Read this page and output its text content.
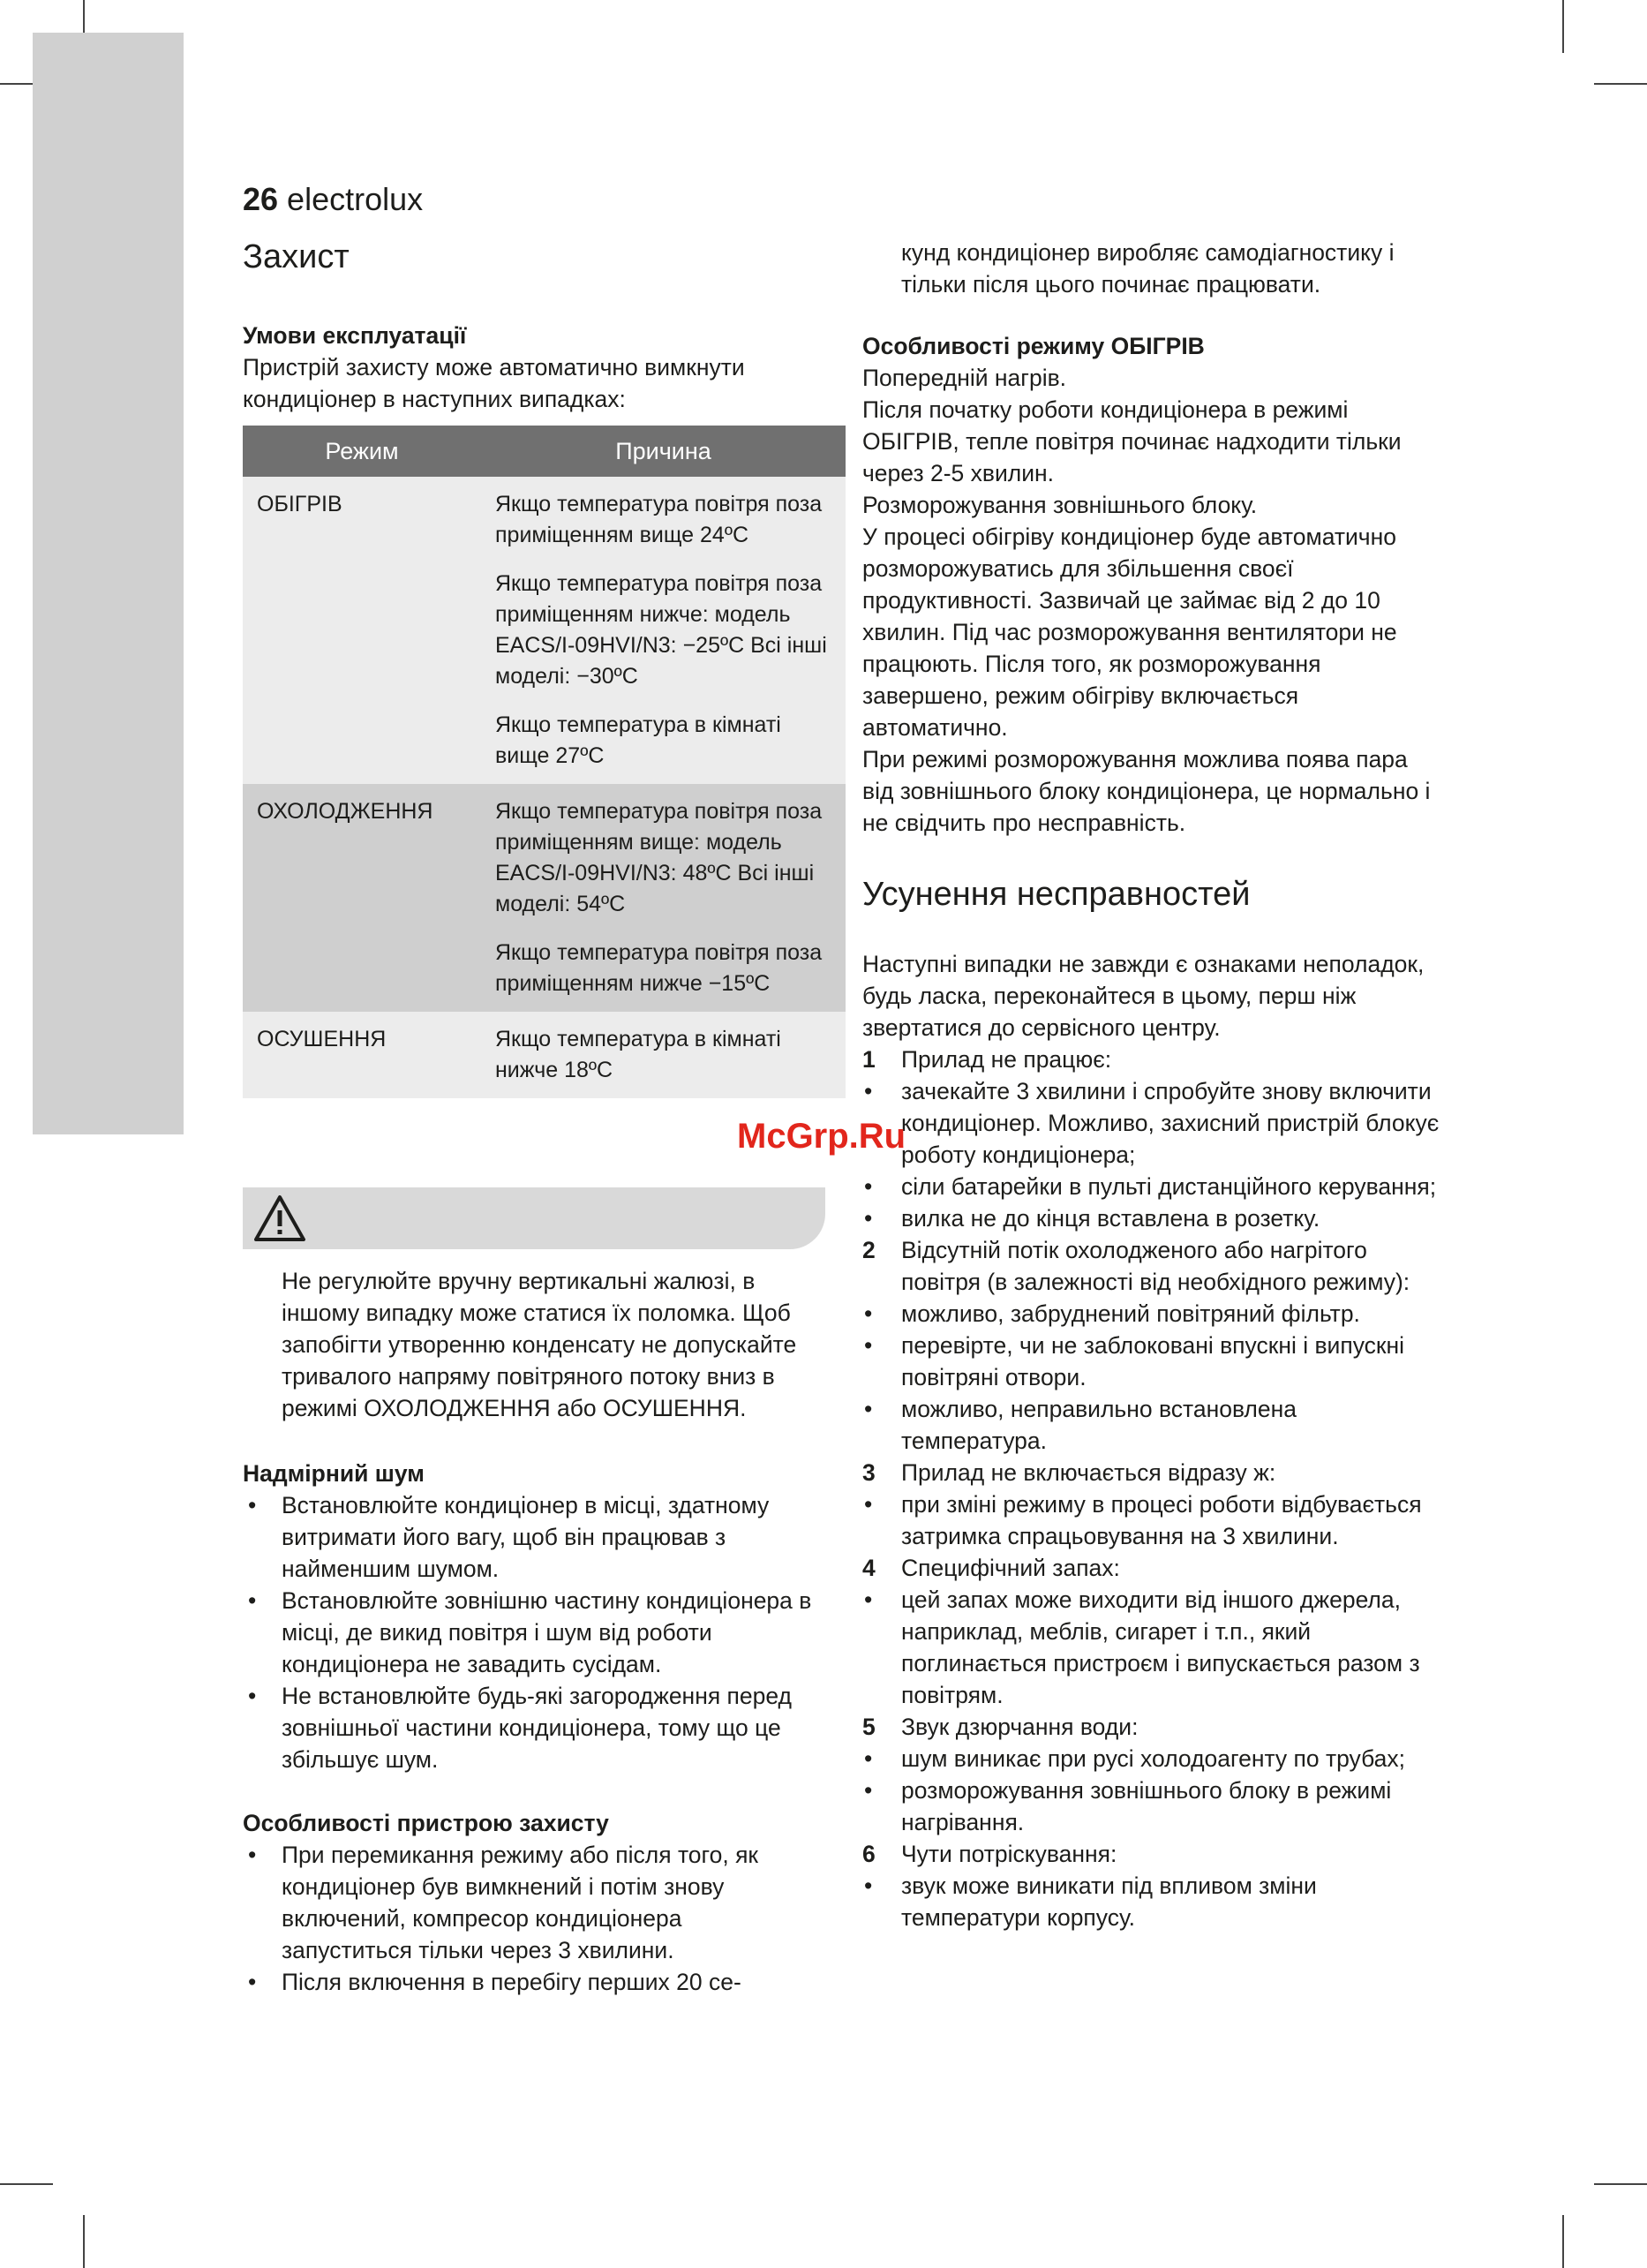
26 electrolux
Захист

Умови експлуатації

Пристрій захисту може автоматично вимкнути кондиціонер в наступних випадках:

Режим	Причина
ОБІГРІВ	Якщо температура повітря поза приміщенням вище 24ºC
Якщо температура повітря поза приміщенням нижче: модель EACS/I-09HVI/N3: −25ºC Всі інші моделі: −30ºC
Якщо температура в кімнаті вище 27ºC

ОХОЛОДЖЕННЯ	Якщо температура повітря поза приміщенням вище: модель EACS/I-09HVI/N3: 48ºC Всі інші моделі: 54ºC
Якщо температура повітря поза приміщенням нижче −15ºC

ОСУШЕННЯ	Якщо температура в кімнаті нижче 18ºC

Не регулюйте вручну вертикальні жалюзі, в іншому випадку може статися їх поломка. Щоб запобігти утворенню конденсату не допускайте тривалого напряму повітряного потоку вниз в режимі ОХОЛОДЖЕННЯ або ОСУШЕННЯ.

Надмірний шум

• Встановлюйте кондиціонер в місці, здатному витримати його вагу, щоб він працював з найменшим шумом.

• Встановлюйте зовнішню частину кондиціонера в місці, де викид повітря і шум від роботи кондиціонера не завадить сусідам.

• Не встановлюйте будь-які загородження перед зовнішньої частини кондиціонера, тому що це збільшує шум.

Особливості пристрою захисту

• При перемикання режиму або після того, як кондиціонер був вимкнений і потім знову включений, компресор кондиціонера запуститься тільки через 3 хвилини.

• Після включення в перебігу перших 20 се-

кунд кондиціонер виробляє самодіагностику і тільки після цього починає працювати.

Особливості режиму ОБІГРІВ

Попередній нагрів.

Після початку роботи кондиціонера в режимі ОБІГРІВ, тепле повітря починає надходити тільки через 2-5 хвилин.

Розморожування зовнішнього блоку.

У процесі обігріву кондиціонер буде автоматично розморожуватись для збільшення своєї продуктивності. Зазвичай це займає від 2 до 10 хвилин. Під час розморожування вентилятори не працюють. Після того, як розморожування завершено, режим обігріву включається автоматично.

При режимі розморожування можлива поява пара від зовнішнього блоку кондиціонера, це нормально і не свідчить про несправність.

Усунення несправностей

Наступні випадки не завжди є ознаками неполадок, будь ласка, переконайтеся в цьому, перш ніж звертатися до сервісного центру.

1 Прилад не працює:

• зачекайте 3 хвилини і спробуйте знову включити кондиціонер. Можливо, захисний пристрій блокує роботу кондиціонера;

• сіли батарейки в пульті дистанційного керування;

• вилка не до кінця вставлена в розетку.

2 Відсутній потік охолодженого або нагрітого повітря (в залежності від необхідного режиму):

• можливо, забруднений повітряний фільтр.

• перевірте, чи не заблоковані впускні і випускні повітряні отвори.

• можливо, неправильно встановлена температура.

3 Прилад не включається відразу ж:

• при зміні режиму в процесі роботи відбувається затримка спрацьовування на 3 хвилини.

4 Специфічний запах:

• цей запах може виходити від іншого джерела, наприклад, меблів, сигарет і т.п., який поглинається пристроєм і випускається разом з повітрям.

5 Звук дзюрчання води:

• шум виникає при русі холодоагенту по трубах;

• розморожування зовнішнього блоку в режимі нагрівання.

6 Чути потріскування:

• звук може виникати під впливом зміни температури корпусу.

McGrp.Ru
